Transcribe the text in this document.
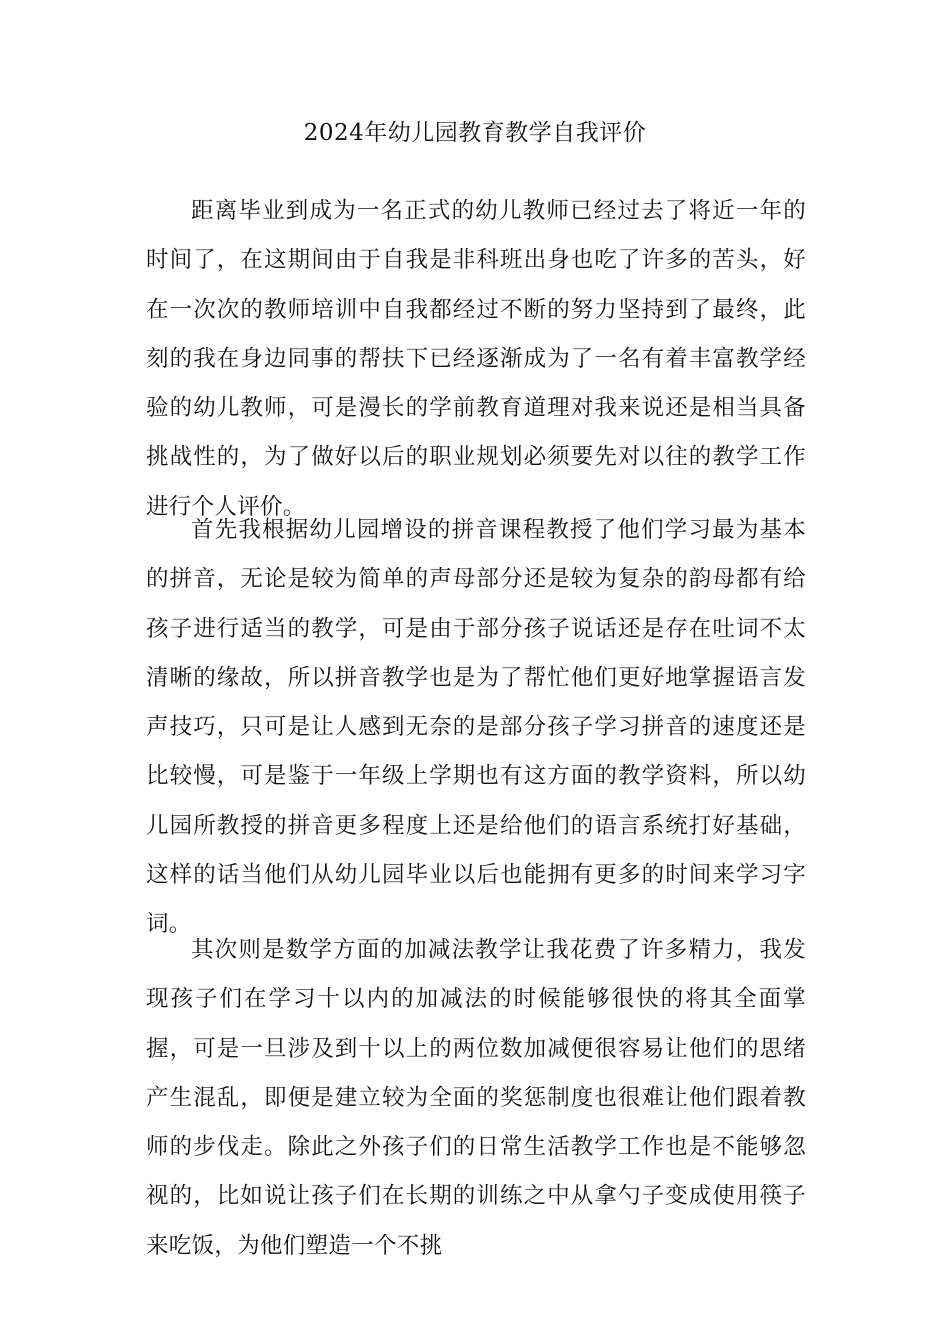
2024年幼儿园教育教学自我评价

距离毕业到成为一名正式的幼儿教师已经过去了将近一年的时间了，在这期间由于自我是非科班出身也吃了许多的苦头，好在一次次的教师培训中自我都经过不断的努力坚持到了最终，此刻的我在身边同事的帮扶下已经逐渐成为了一名有着丰富教学经验的幼儿教师，可是漫长的学前教育道理对我来说还是相当具备挑战性的，为了做好以后的职业规划必须要先对以往的教学工作进行个人评价。

首先我根据幼儿园增设的拼音课程教授了他们学习最为基本的拼音，无论是较为简单的声母部分还是较为复杂的韵母都有给孩子进行适当的教学，可是由于部分孩子说话还是存在吐词不太清晰的缘故，所以拼音教学也是为了帮忙他们更好地掌握语言发声技巧，只可是让人感到无奈的是部分孩子学习拼音的速度还是比较慢，可是鉴于一年级上学期也有这方面的教学资料，所以幼儿园所教授的拼音更多程度上还是给他们的语言系统打好基础，这样的话当他们从幼儿园毕业以后也能拥有更多的时间来学习字词。

其次则是数学方面的加减法教学让我花费了许多精力，我发现孩子们在学习十以内的加减法的时候能够很快的将其全面掌握，可是一旦涉及到十以上的两位数加减便很容易让他们的思绪产生混乱，即便是建立较为全面的奖惩制度也很难让他们跟着教师的步伐走。除此之外孩子们的日常生活教学工作也是不能够忽视的，比如说让孩子们在长期的训练之中从拿勺子变成使用筷子来吃饭，为他们塑造一个不挑
